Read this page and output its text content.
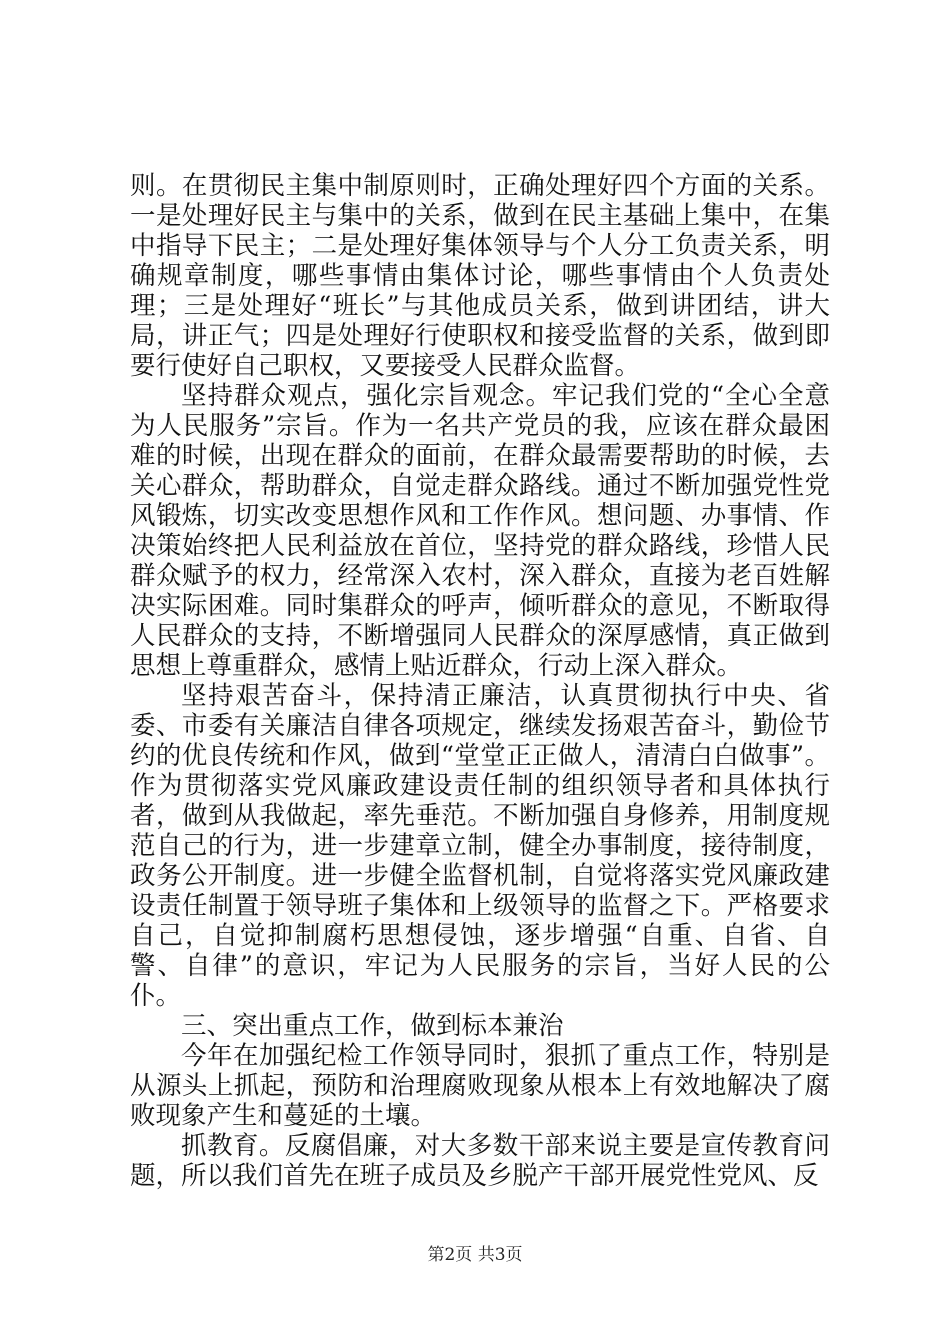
则。在贯彻民主集中制原则时，正确处理好四个方面的关系。一是处理好民主与集中的关系，做到在民主基础上集中，在集中指导下民主；二是处理好集体领导与个人分工负责关系，明确规章制度，哪些事情由集体讨论，哪些事情由个人负责处理；三是处理好“班长”与其他成员关系，做到讲团结，讲大局，讲正气；四是处理好行使职权和接受监督的关系，做到即要行使好自己职权，又要接受人民群众监督。

坚持群众观点，强化宗旨观念。牢记我们党的“全心全意为人民服务”宗旨。作为一名共产党员的我，应该在群众最困难的时候，出现在群众的面前，在群众最需要帮助的时候，去关心群众，帮助群众，自觉走群众路线。通过不断加强党性党风锻炼，切实改变思想作风和工作作风。想问题、办事情、作决策始终把人民利益放在首位，坚持党的群众路线，珍惜人民群众赋予的权力，经常深入农村，深入群众，直接为老百姓解决实际困难。同时集群众的呼声，倾听群众的意见，不断取得人民群众的支持，不断增强同人民群众的深厚感情，真正做到思想上尊重群众，感情上贴近群众，行动上深入群众。

坚持艰苦奋斗，保持清正廉洁，认真贯彻执行中央、省委、市委有关廉洁自律各项规定，继续发扬艰苦奋斗，勤俭节约的优良传统和作风，做到“堂堂正正做人，清清白白做事”。作为贯彻落实党风廉政建设责任制的组织领导者和具体执行者，做到从我做起，率先垂范。不断加强自身修养，用制度规范自己的行为，进一步建章立制，健全办事制度，接待制度，政务公开制度。进一步健全监督机制，自觉将落实党风廉政建设责任制置于领导班子集体和上级领导的监督之下。严格要求自己，自觉抑制腐朽思想侵蚀，逐步增强“自重、自省、自警、自律”的意识，牢记为人民服务的宗旨，当好人民的公仆。

三、突出重点工作，做到标本兼治

今年在加强纪检工作领导同时，狠抓了重点工作，特别是从源头上抓起，预防和治理腐败现象从根本上有效地解决了腐败现象产生和蔓延的土壤。

抓教育。反腐倡廉，对大多数干部来说主要是宣传教育问题，所以我们首先在班子成员及乡脱产干部开展党性党风、反

第2页 共3页
